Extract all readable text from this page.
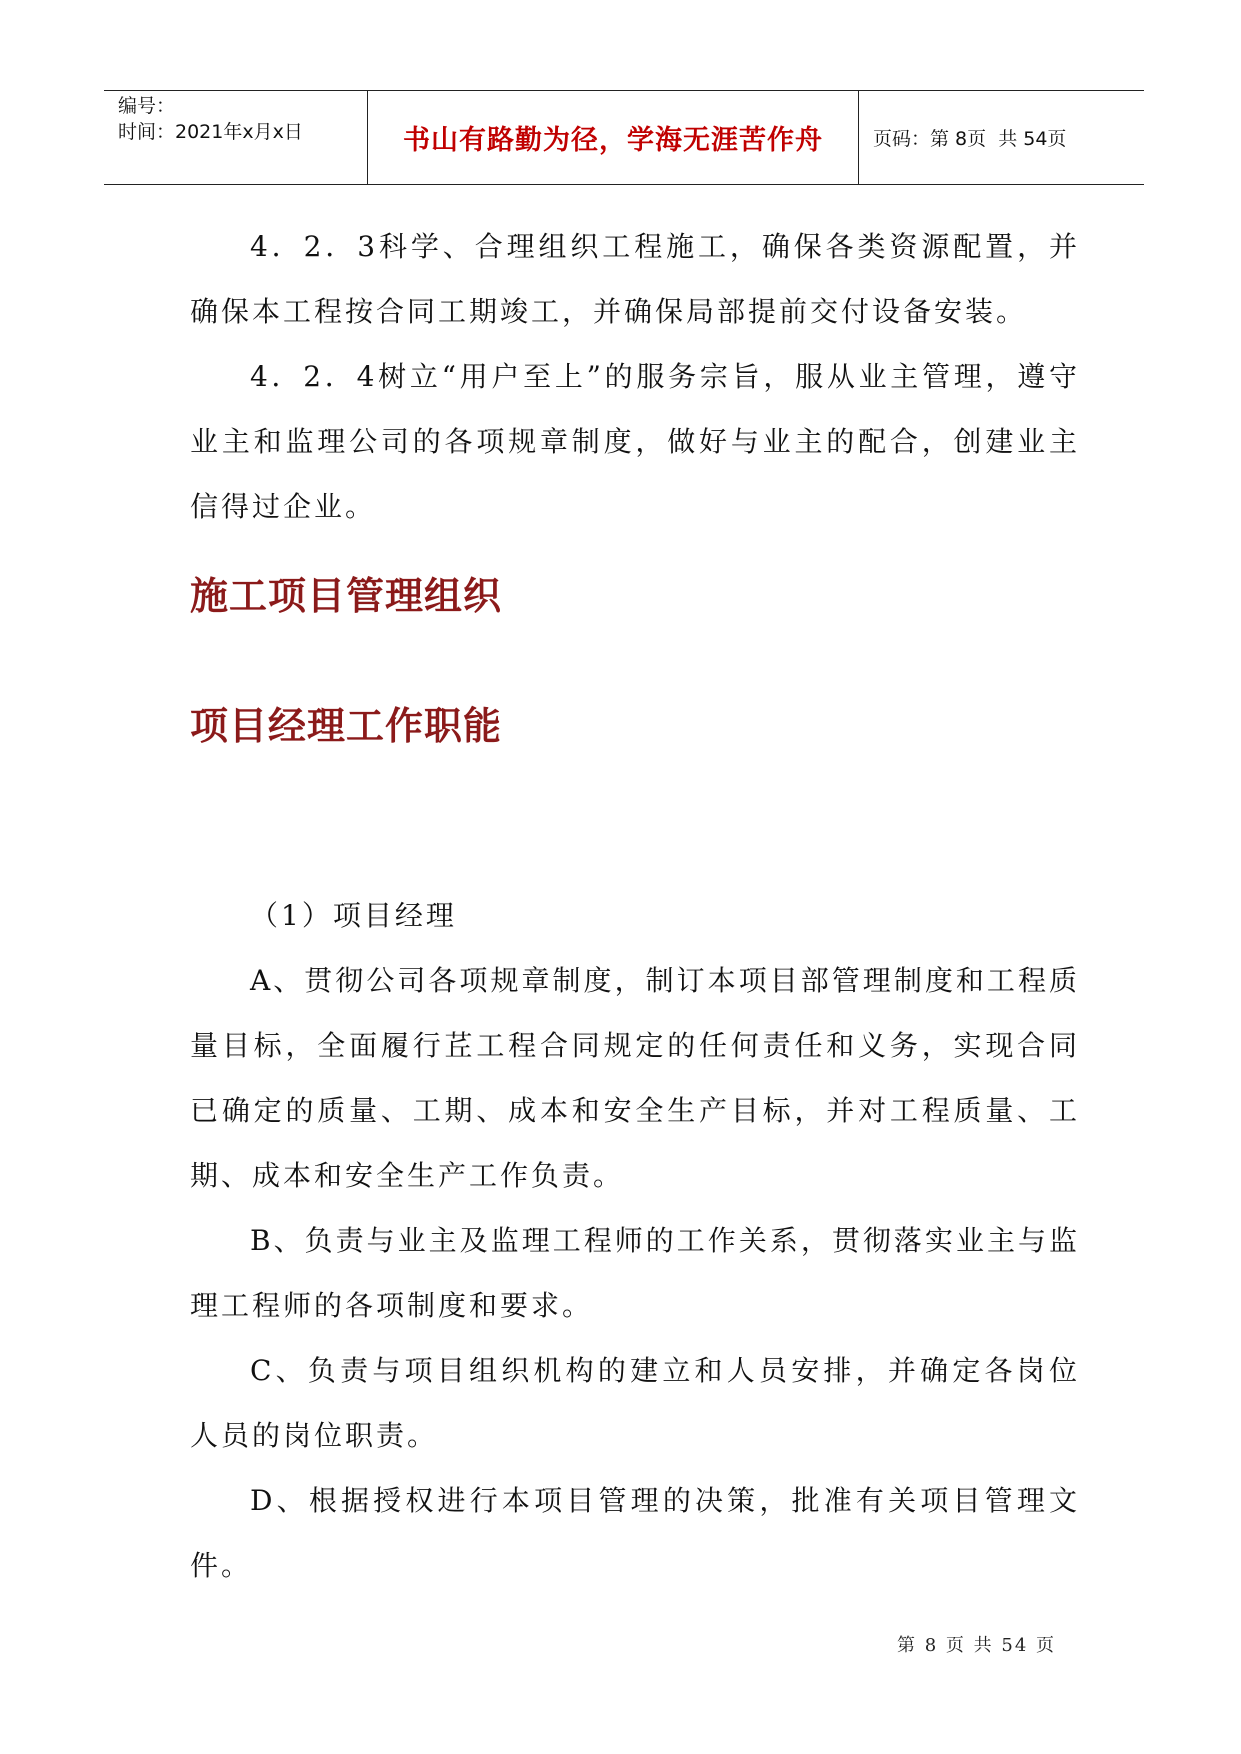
编号：
时间：2021年x月x日	书山有路勤为径，学海无涯苦作舟	页码：第 8页  共 54页

4．2．3科学、合理组织工程施工，确保各类资源配置，并确保本工程按合同工期竣工，并确保局部提前交付设备安装。

4．2．4树立“用户至上”的服务宗旨，服从业主管理，遵守业主和监理公司的各项规章制度，做好与业主的配合，创建业主信得过企业。

施工项目管理组织
项目经理工作职能

（1）项目经理

A、贯彻公司各项规章制度，制订本项目部管理制度和工程质量目标，全面履行茊工程合同规定的任何责任和义务，实现合同已确定的质量、工期、成本和安全生产目标，并对工程质量、工期、成本和安全生产工作负责。

B、负责与业主及监理工程师的工作关系，贯彻落实业主与监理工程师的各项制度和要求。

C、负责与项目组织机构的建立和人员安排，并确定各岗位人员的岗位职责。

D、根据授权进行本项目管理的决策，批准有关项目管理文件。

第 8 页 共 54 页
